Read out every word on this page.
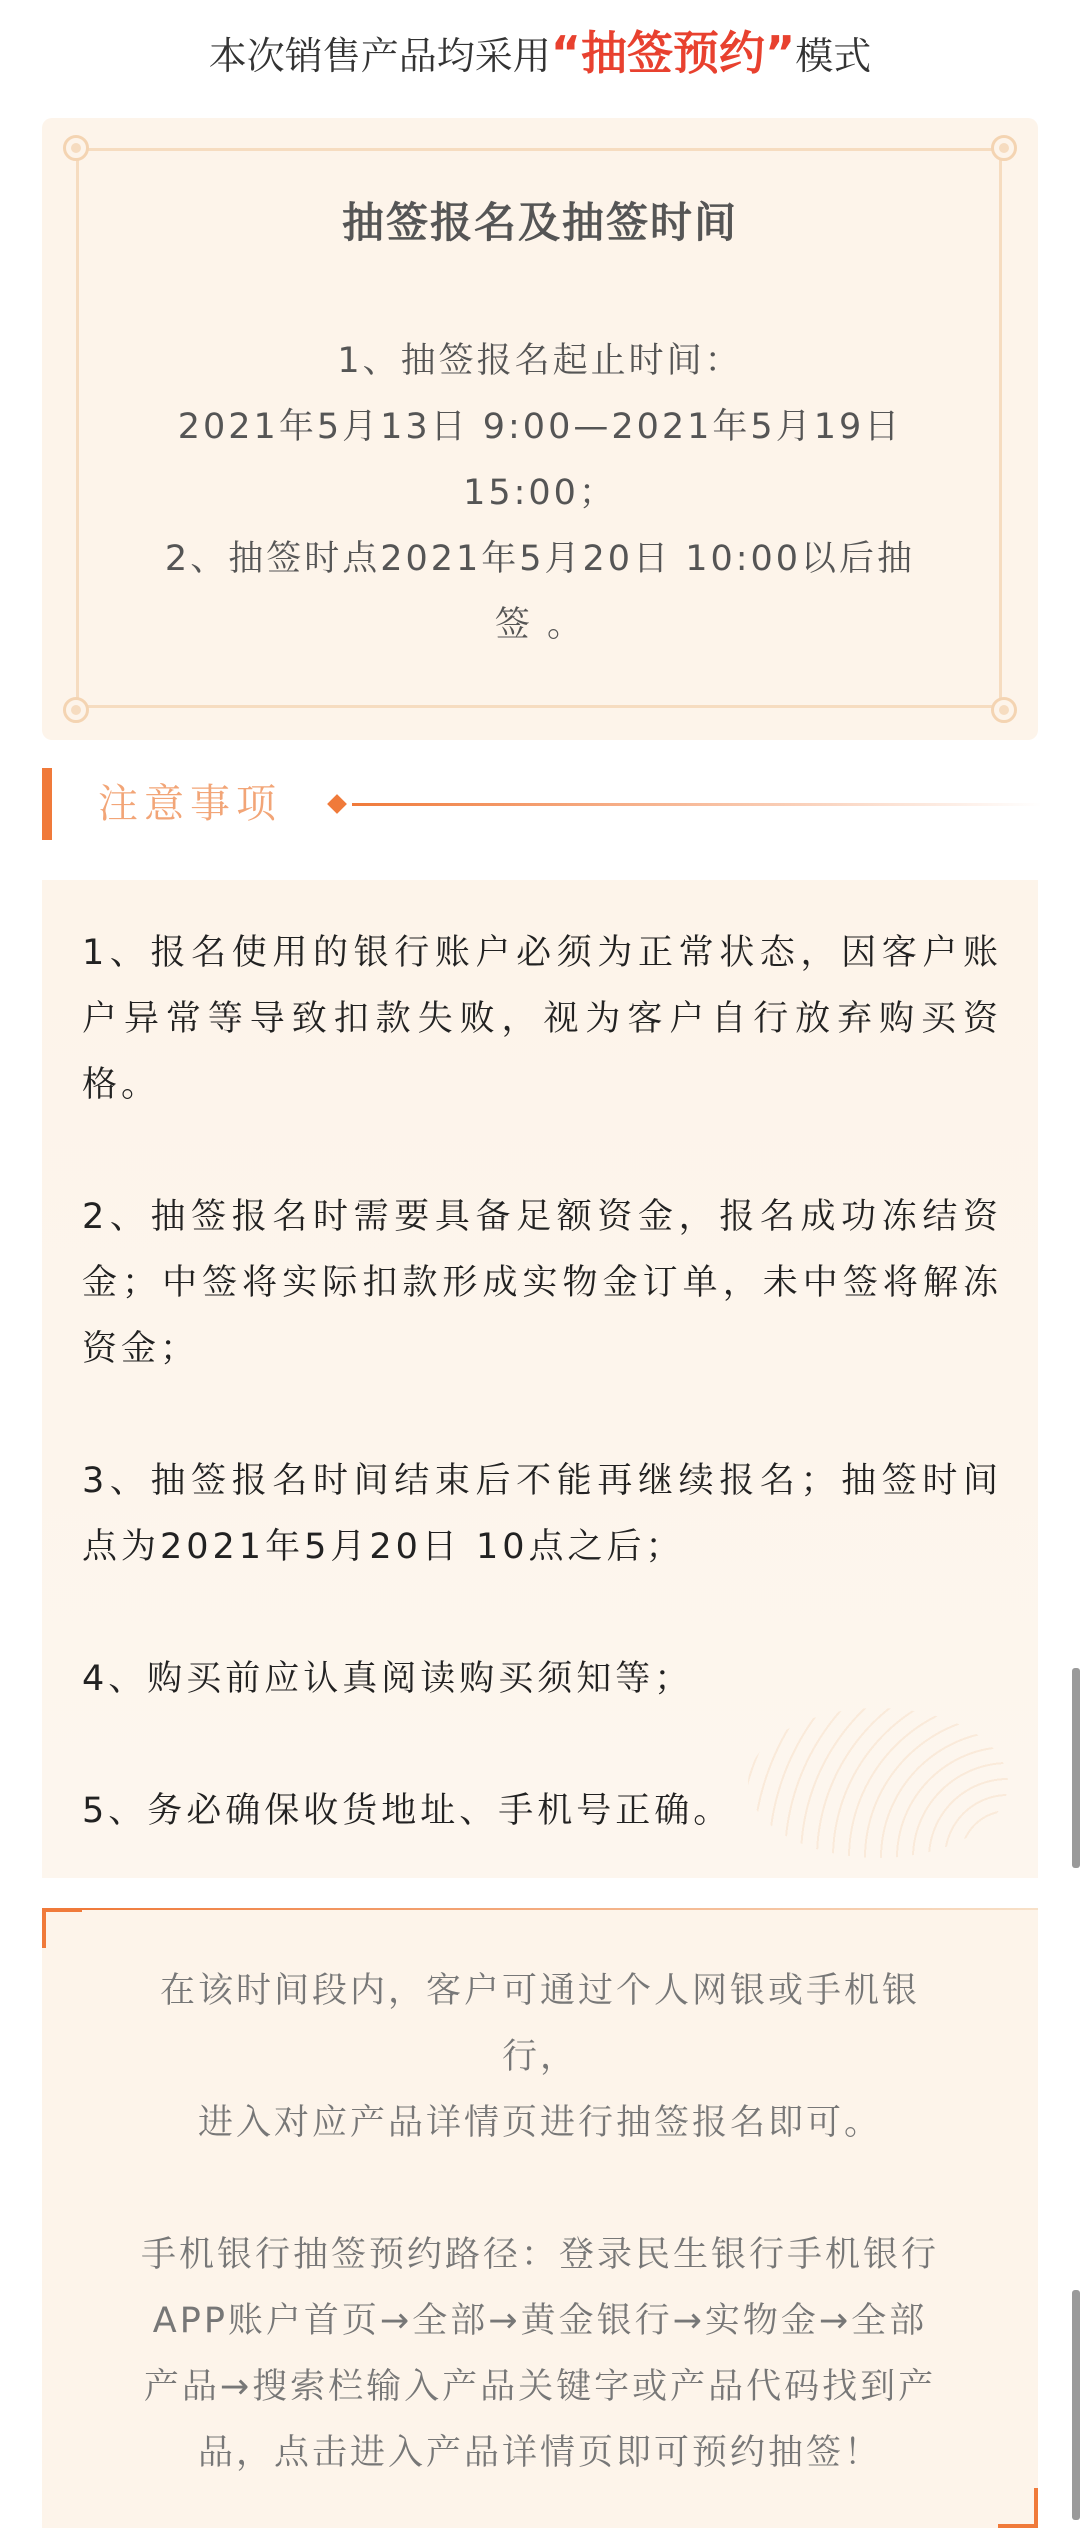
本次销售产品均采用“抽签预约”模式
抽签报名及抽签时间
1、抽签报名起止时间：
2021年5月13日 9:00—2021年5月19日
15:00；
2、抽签时点2021年5月20日 10:00以后抽
签 。
注意事项
1、报名使用的银行账户必须为正常状态，因客户账户异常等导致扣款失败，视为客户自行放弃购买资格。
2、抽签报名时需要具备足额资金，报名成功冻结资金；中签将实际扣款形成实物金订单，未中签将解冻资金；
3、抽签报名时间结束后不能再继续报名；抽签时间点为2021年5月20日 10点之后；
4、购买前应认真阅读购买须知等；
5、务必确保收货地址、手机号正确。
在该时间段内，客户可通过个人网银或手机银
行，
进入对应产品详情页进行抽签报名即可。
手机银行抽签预约路径：登录民生银行手机银行
APP账户首页→全部→黄金银行→实物金→全部
产品→搜索栏输入产品关键字或产品代码找到产
品，点击进入产品详情页即可预约抽签！
